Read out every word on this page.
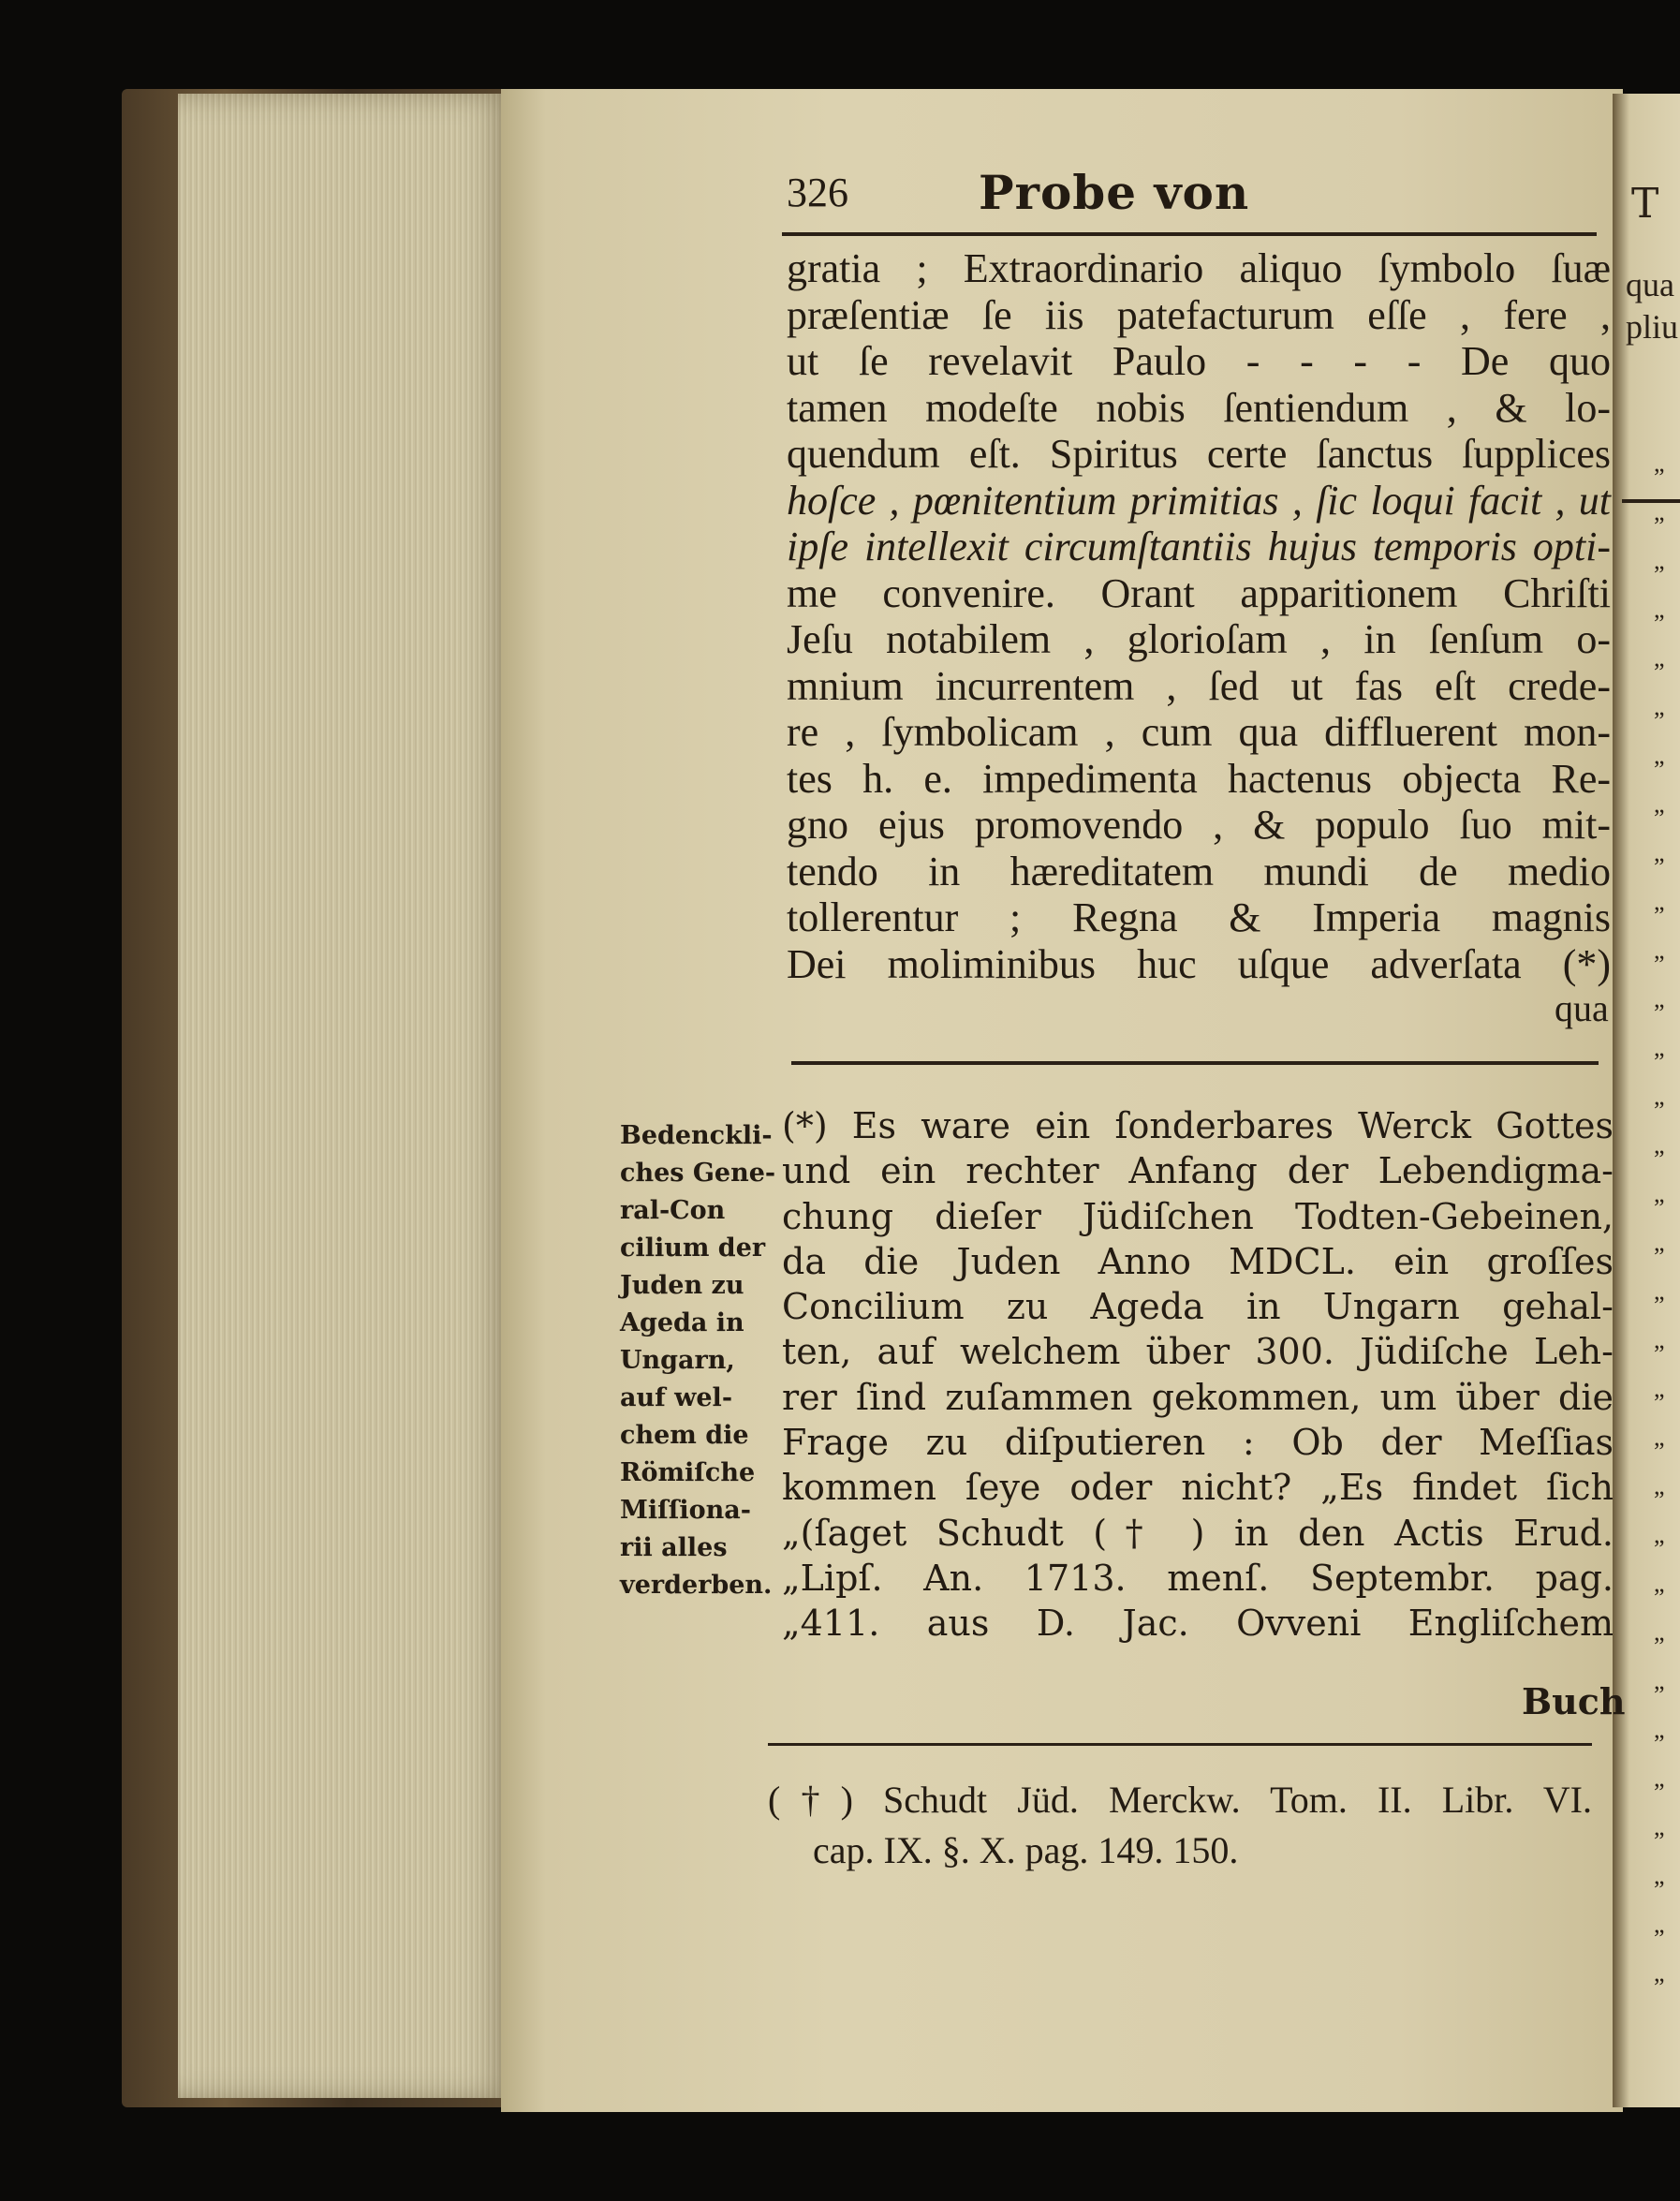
T
qua
pliu
326	Probe von
gratia ; Extraordinario aliquo ſymbolo ſuæ
præſentiæ ſe iis patefacturum eſſe , fere ,
ut ſe revelavit Paulo - - - - De quo
tamen modeſte nobis ſentiendum , & lo-
quendum eſt. Spiritus certe ſanctus ſupplices
hoſce , pœnitentium primitias , ſic loqui facit , ut
ipſe intellexit circumſtantiis hujus temporis opti-
me convenire. Orant apparitionem Chriſti
Jeſu notabilem , glorioſam , in ſenſum o-
mnium incurrentem , ſed ut fas eſt crede-
re , ſymbolicam , cum qua diffluerent mon-
tes h. e. impedimenta hactenus objecta Re-
gno ejus promovendo , & populo ſuo mit-
tendo in hæreditatem mundi de medio
tollerentur ; Regna & Imperia magnis
Dei moliminibus huc uſque adverſata (*)
qua
Bedenckli-
ches Gene-
ral-Con
cilium der
Juden zu
Ageda in
Ungarn,
auf wel-
chem die
Römiſche
Miſſiona-
rii alles
verderben.
(*) Es ware ein ſonderbares Werck Gottes
und ein rechter Anfang der Lebendigma-
chung dieſer Jüdiſchen Todten-Gebeinen,
da die Juden Anno MDCL. ein groſſes
Concilium zu Ageda in Ungarn gehal-
ten, auf welchem über 300. Jüdiſche Leh-
rer ſind zuſammen gekommen, um über die
Frage zu diſputieren : Ob der Meſſias
kommen ſeye oder nicht? „Es findet ſich
„(ſaget Schudt († ) in den Actis Erud.
„Lipſ. An. 1713. menſ. Septembr. pag.
„411. aus D. Jac. Ovveni Engliſchem
Buch
(†) Schudt Jüd. Merckw. Tom. II. Libr. VI.
cap. IX. §. X. pag. 149. 150.
„
„
„
„
„
„
„
„
„
„
„
„
„
„
„
„
„
„
„
„
„
„
„
„
„
„
„
„
„
„
„
„
